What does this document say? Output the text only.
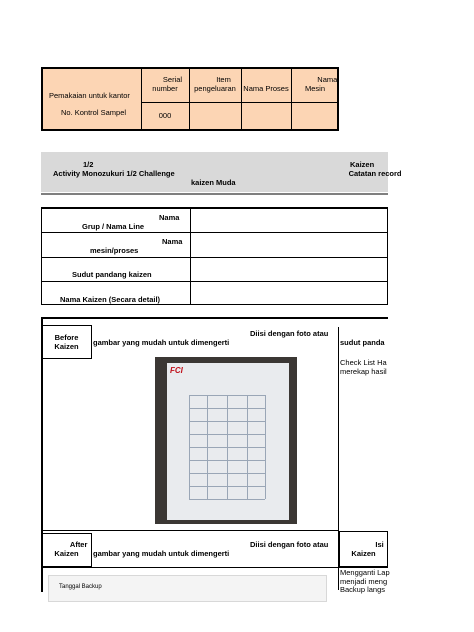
Pemakaian untuk kantor

No. Kontrol Sampel
　　Serial
number
　　 Item
pengeluaran 　　　
Nama Proses
　　　 Nama
Mesin
000

　　　　1/2　　　　　　　　
Activity Monozukuri 1/2 Challenge
kaizen Muda
Kaizen
　　　　　　　　　 Catatan record

Nama
Grup / Nama Line

Nama
mesin/proses

Sudut pandang kaizen

Nama Kaizen (Secara detail)

Before
Kaizen

Diisi dengan foto atau
gambar yang mudah untuk dimengerti
　　　　　　　　　　	sudut panda
Check List Ha
merekap hasil
FCI
　　　 After
Kaizen

Diisi dengan foto atau
gambar yang mudah untuk dimengerti
　　　　 Isi
Kaizen
Mengganti Lap
menjadi meng
Backup langs
Tanggal Backup
